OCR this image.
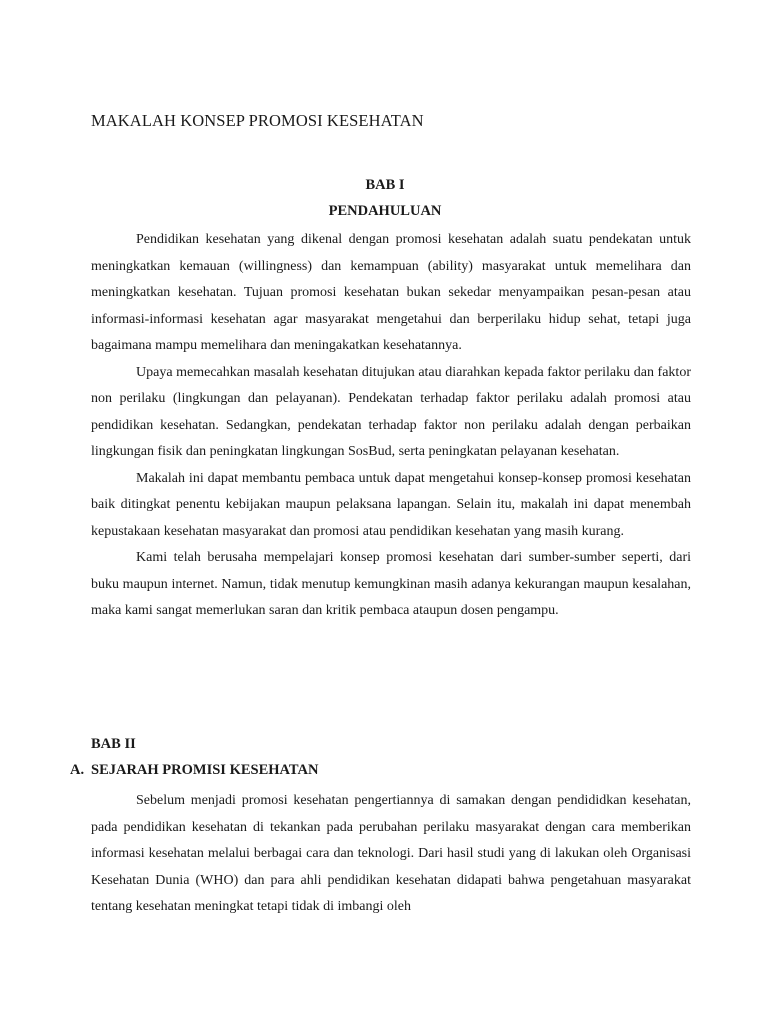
MAKALAH KONSEP PROMOSI KESEHATAN
BAB I
PENDAHULUAN

Pendidikan kesehatan yang dikenal dengan promosi kesehatan adalah suatu pendekatan untuk meningkatkan kemauan (willingness) dan kemampuan (ability) masyarakat untuk memelihara dan meningkatkan kesehatan. Tujuan promosi kesehatan bukan sekedar menyampaikan pesan-pesan atau informasi-informasi kesehatan agar masyarakat mengetahui dan berperilaku hidup sehat, tetapi juga bagaimana mampu memelihara dan meningakatkan kesehatannya.

Upaya memecahkan masalah kesehatan ditujukan atau diarahkan kepada faktor perilaku dan faktor non perilaku (lingkungan dan pelayanan). Pendekatan terhadap faktor perilaku adalah promosi atau pendidikan kesehatan. Sedangkan, pendekatan terhadap faktor non perilaku adalah dengan perbaikan lingkungan fisik dan peningkatan lingkungan SosBud, serta peningkatan pelayanan kesehatan.

Makalah ini dapat membantu pembaca untuk dapat mengetahui konsep-konsep promosi kesehatan baik ditingkat penentu kebijakan maupun pelaksana lapangan. Selain itu, makalah ini dapat menembah kepustakaan kesehatan masyarakat dan promosi atau pendidikan kesehatan yang masih kurang.

Kami telah berusaha mempelajari konsep promosi kesehatan dari sumber-sumber seperti, dari buku maupun internet. Namun, tidak menutup kemungkinan masih adanya kekurangan maupun kesalahan, maka kami sangat memerlukan saran dan kritik pembaca ataupun dosen pengampu.

BAB II
A. SEJARAH PROMISI KESEHATAN

Sebelum menjadi promosi kesehatan pengertiannya di samakan dengan pendididkan kesehatan, pada pendidikan kesehatan di tekankan pada perubahan perilaku masyarakat dengan cara memberikan informasi kesehatan melalui berbagai cara dan teknologi. Dari hasil studi yang di lakukan oleh Organisasi Kesehatan Dunia (WHO) dan para ahli pendidikan kesehatan didapati bahwa pengetahuan masyarakat tentang kesehatan meningkat tetapi tidak di imbangi oleh
